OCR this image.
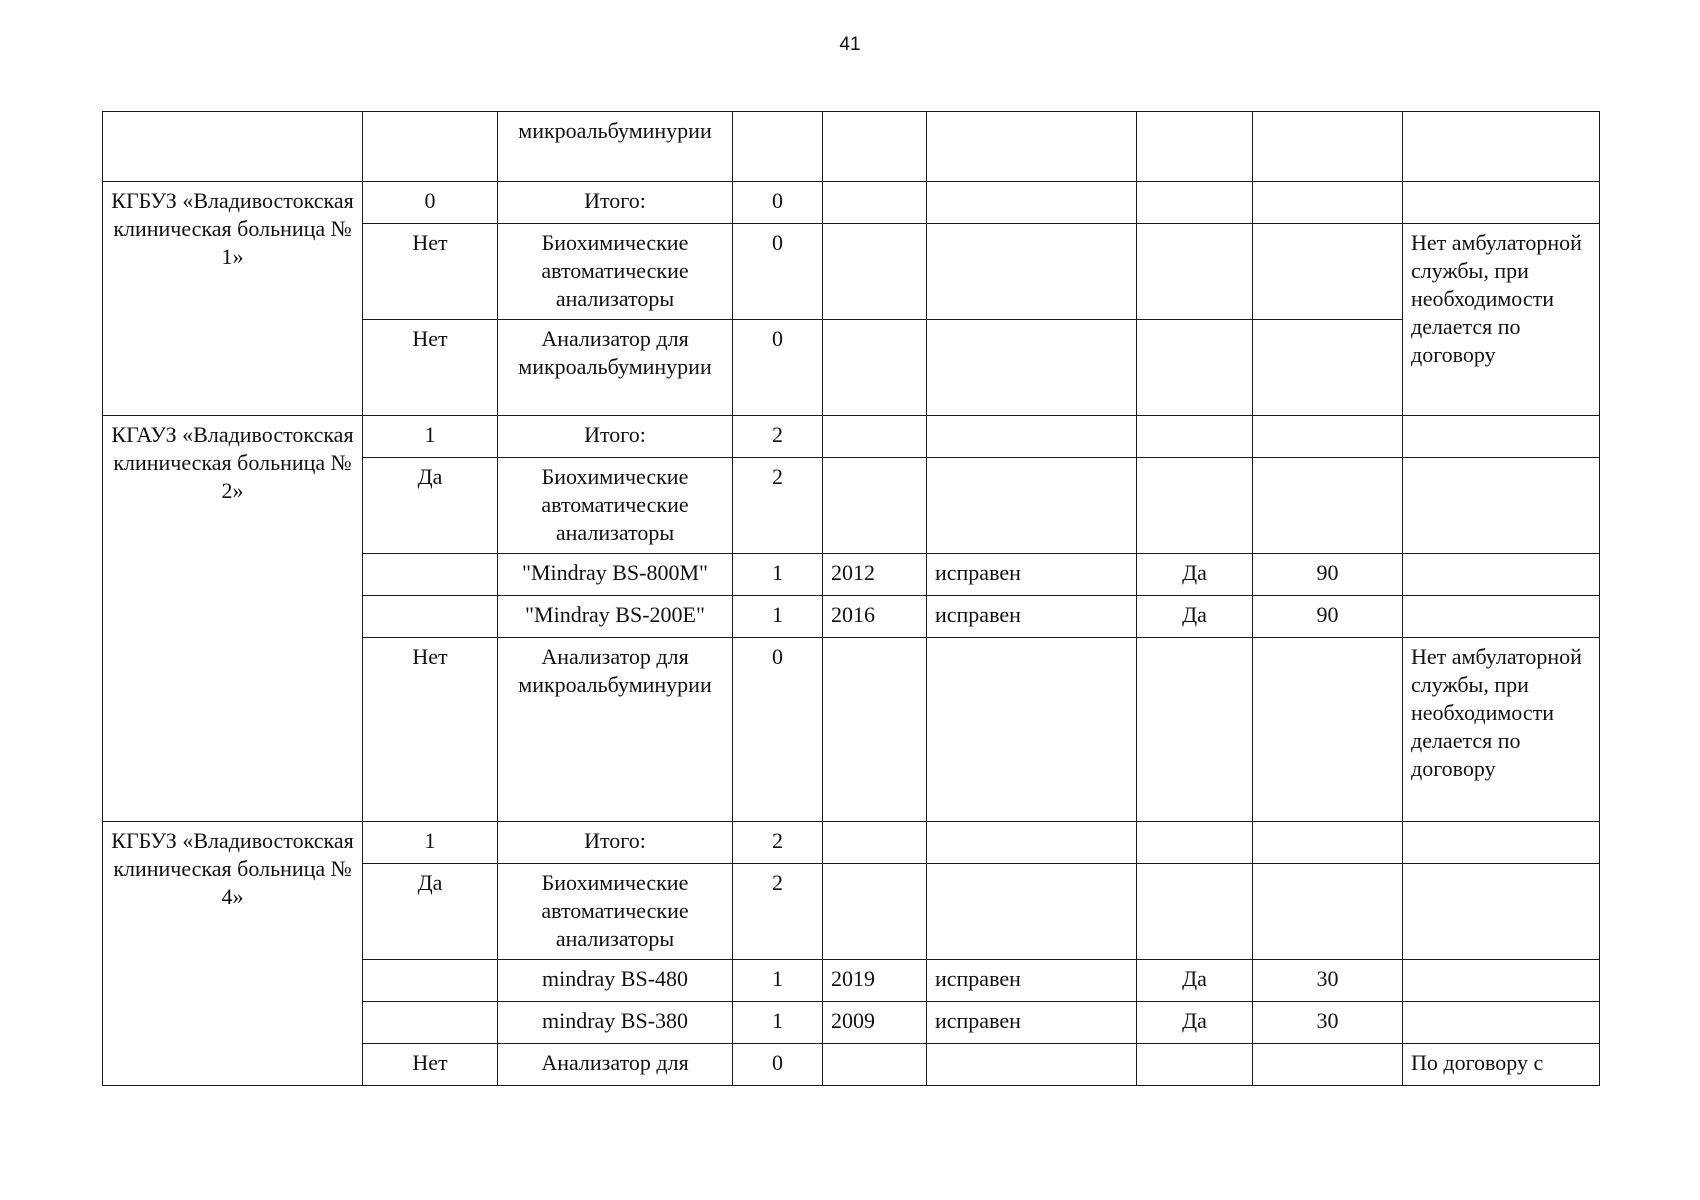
41
		микроальбуминурии						
КГБУЗ «Владивостокская клиническая больница № 1»	0	Итого:	0					
	Нет	Биохимические автоматические анализаторы	0					Нет амбулаторной службы, при необходимости делается по договору
	Нет	Анализатор для микроальбуминурии	0					
КГАУЗ «Владивостокская клиническая больница № 2»	1	Итого:	2					
	Да	Биохимические автоматические анализаторы	2					
		"Mindray BS-800M"	1	2012	исправен	Да	90	
		"Mindray BS-200E"	1	2016	исправен	Да	90	
	Нет	Анализатор для микроальбуминурии	0					Нет амбулаторной службы, при необходимости делается по договору
КГБУЗ «Владивостокская клиническая больница № 4»	1	Итого:	2					
	Да	Биохимические автоматические анализаторы	2					
		mindray BS-480	1	2019	исправен	Да	30	
		mindray BS-380	1	2009	исправен	Да	30	
	Нет	Анализатор для	0					По договору с
